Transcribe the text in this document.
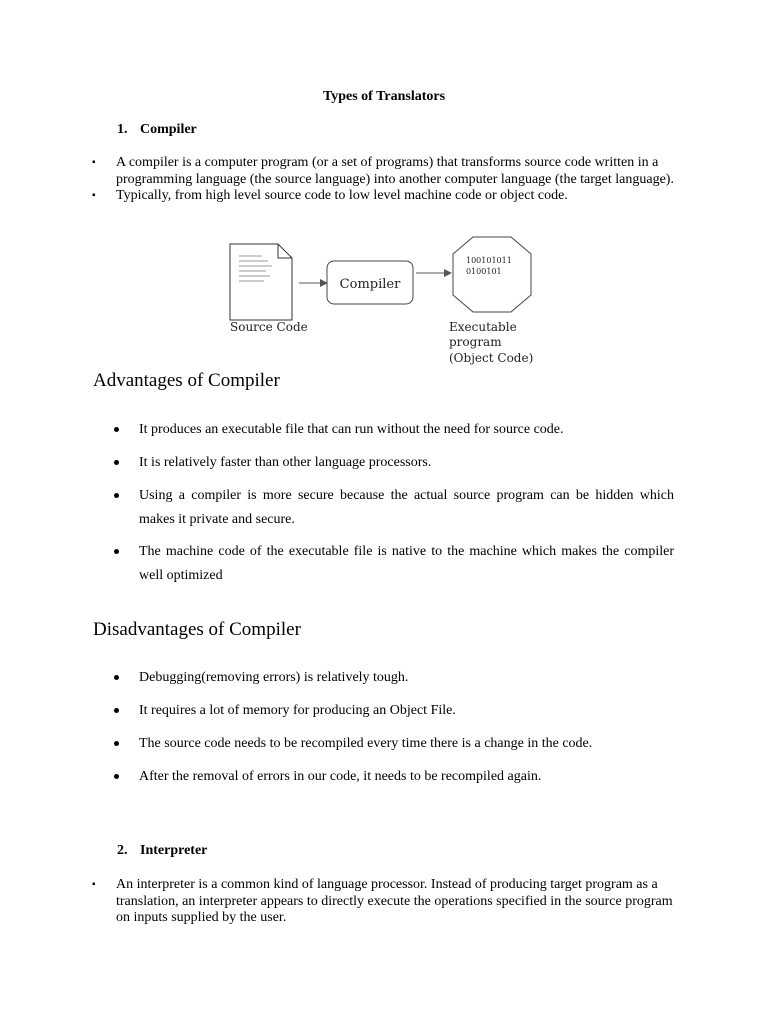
Types of Translators
1. Compiler
▪ A compiler is a computer program (or a set of programs) that transforms source code written in a programming language (the source language) into another computer language (the target language).
▪ Typically, from high level source code to low level machine code or object code.
Compiler
100101011
0100101
Source Code	Executable
program
(Object Code)
Advantages of Compiler
It produces an executable file that can run without the need for source code.
It is relatively faster than other language processors.
Using a compiler is more secure because the actual source program can be hidden which makes it private and secure.
The machine code of the executable file is native to the machine which makes the compiler well optimized
Disadvantages of Compiler
Debugging(removing errors) is relatively tough.
It requires a lot of memory for producing an Object File.
The source code needs to be recompiled every time there is a change in the code.
After the removal of errors in our code, it needs to be recompiled again.
2. Interpreter
▪ An interpreter is a common kind of language processor. Instead of producing target program as a translation, an interpreter appears to directly execute the operations specified in the source program on inputs supplied by the user.
